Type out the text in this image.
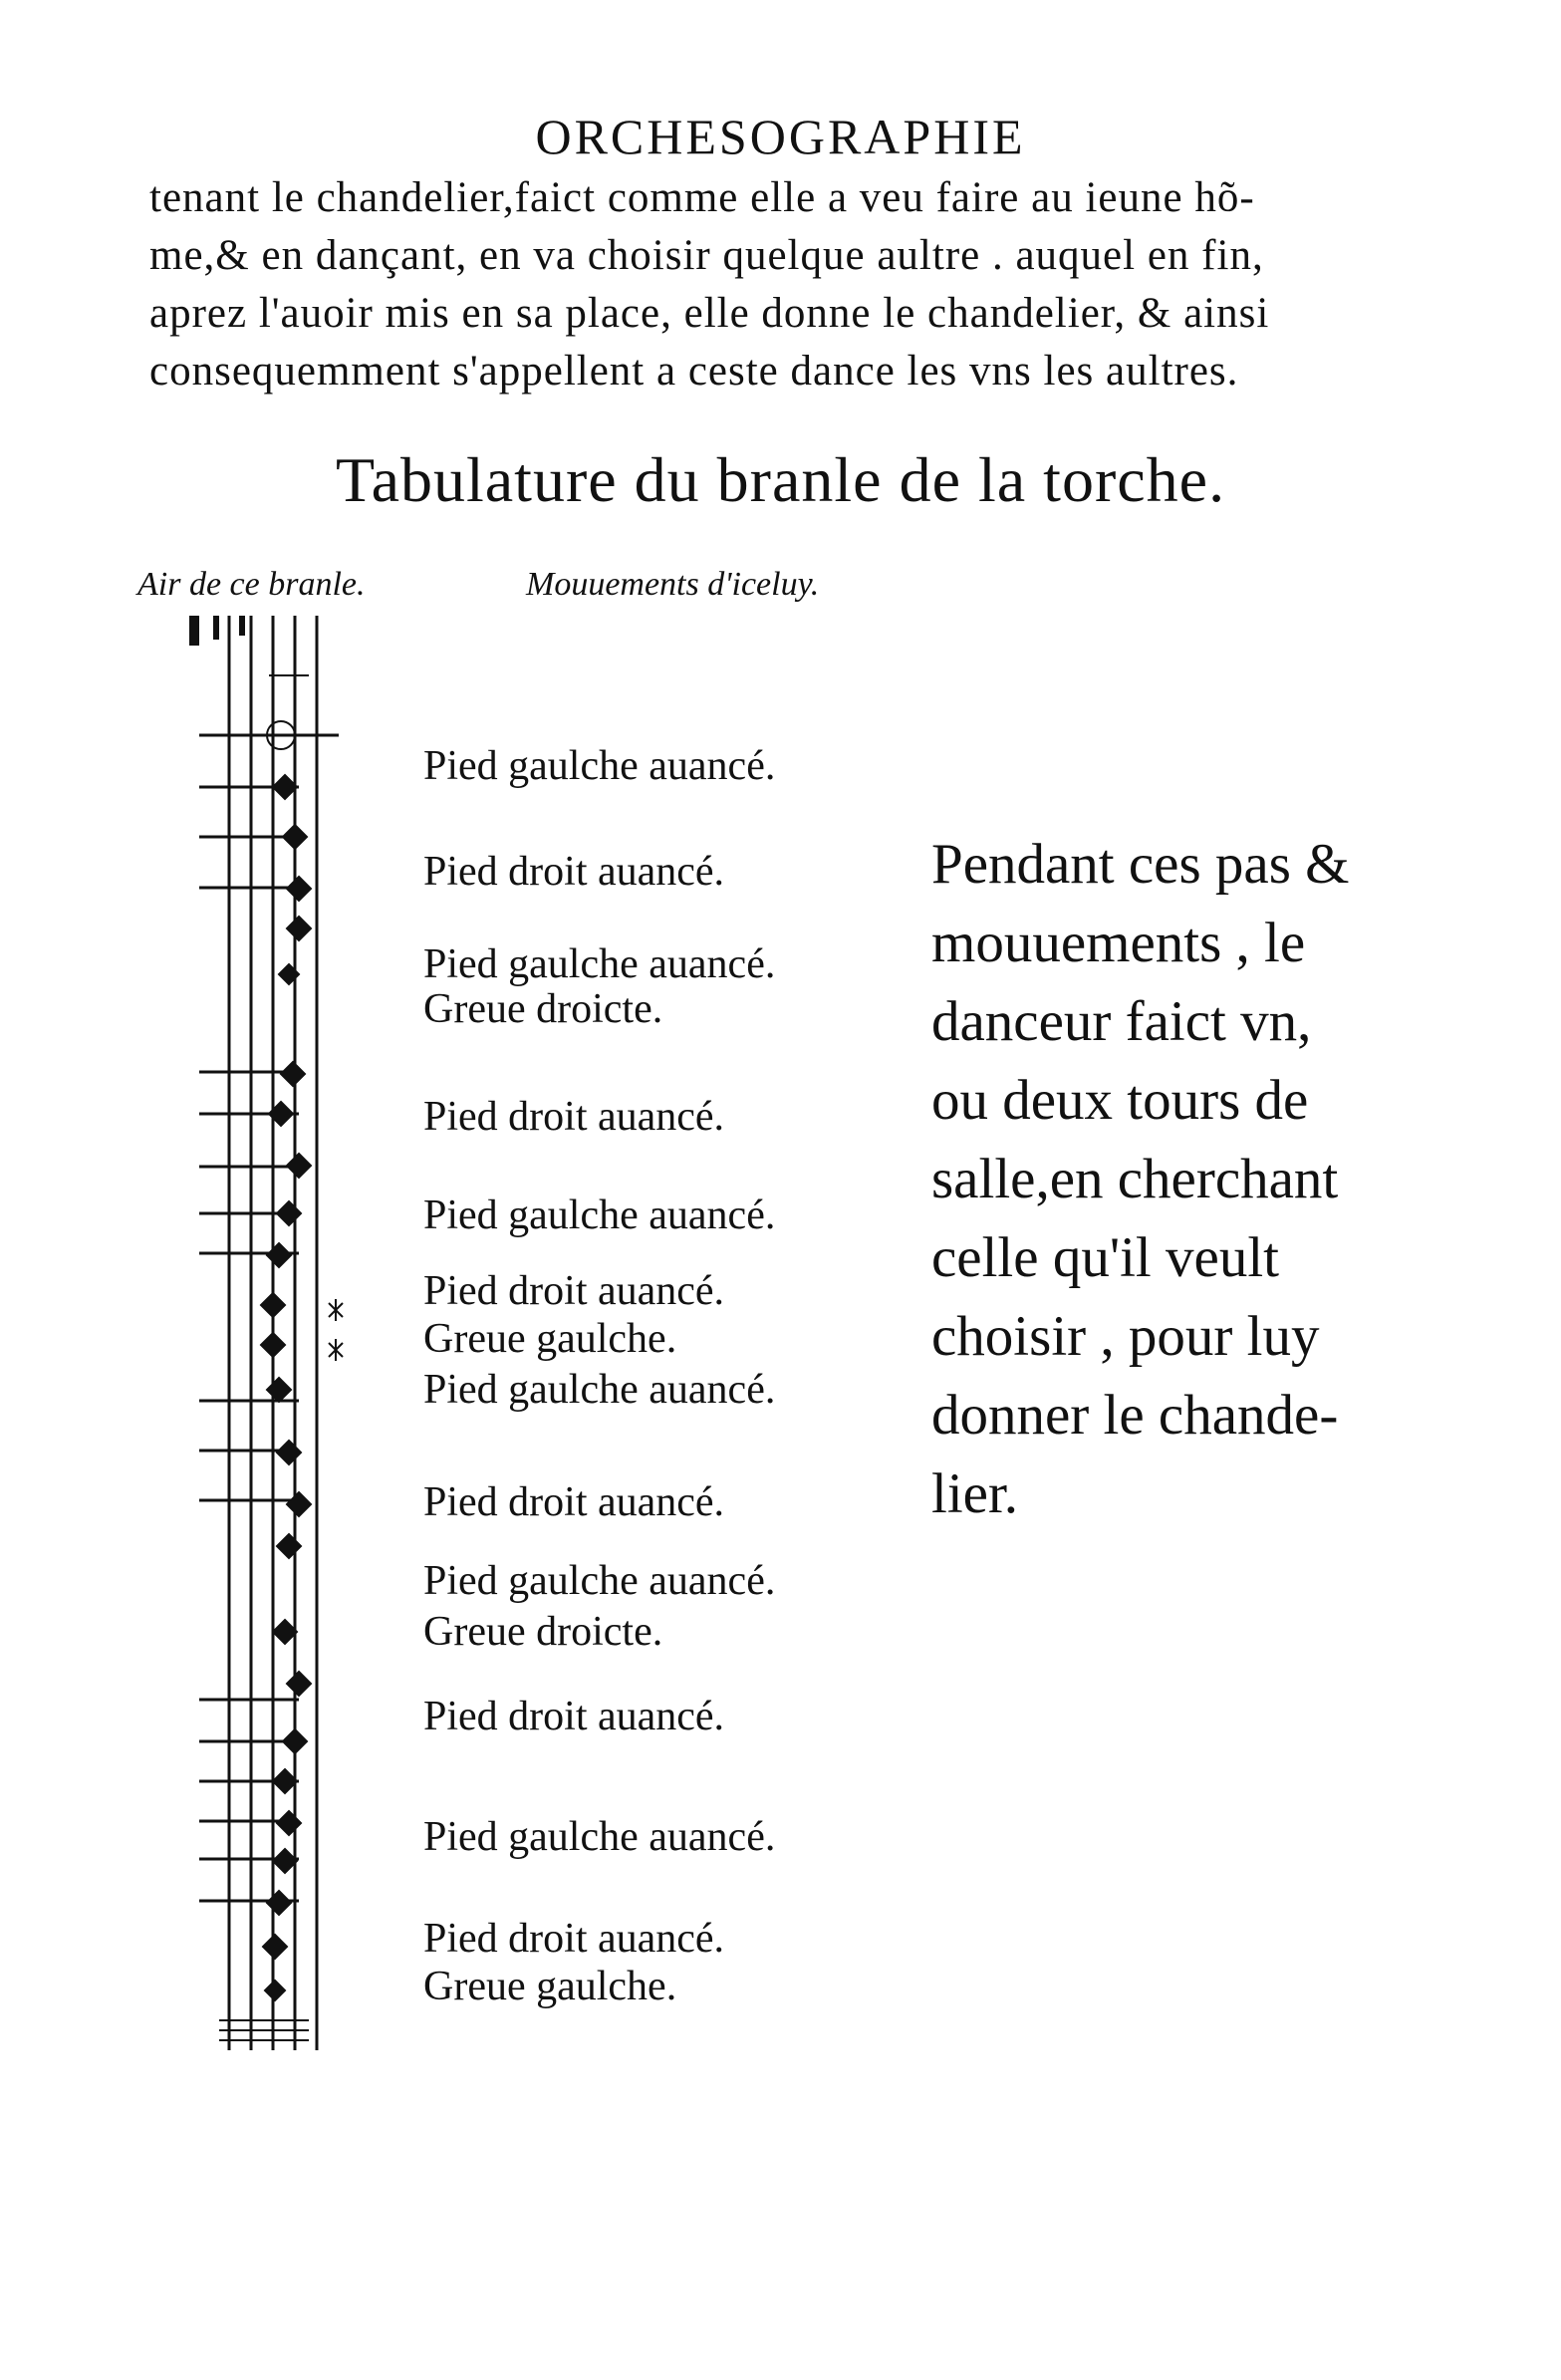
ORCHESOGRAPHIE

tenant le chandelier,faict comme elle a veu faire au ieune hõ-

me,& en dançant, en va choisir quelque aultre . auquel en fin,

aprez l'auoir mis en sa place, elle donne le chandelier, & ainsi

consequemment s'appellent a ceste dance les vns les aultres.

Tabulature du branle de la torche.
Air de ce branle.	Mouuements d'iceluy.
Pied gaulche auancé.
Pied droit auancé.
Pied gaulche auancé.
Greue droicte.
Pied droit auancé.
Pied gaulche auancé.
Pied droit auancé.
Greue gaulche.
Pied gaulche auancé.
Pied droit auancé.
Pied gaulche auancé.
Greue droicte.
Pied droit auancé.
Pied gaulche auancé.
Pied droit auancé.
Greue gaulche.

Pendant ces pas &

mouuements , le

danceur faict vn,

ou deux tours de

salle,en cherchant

celle qu'il veult

choisir , pour luy

donner le chande-

lier.
